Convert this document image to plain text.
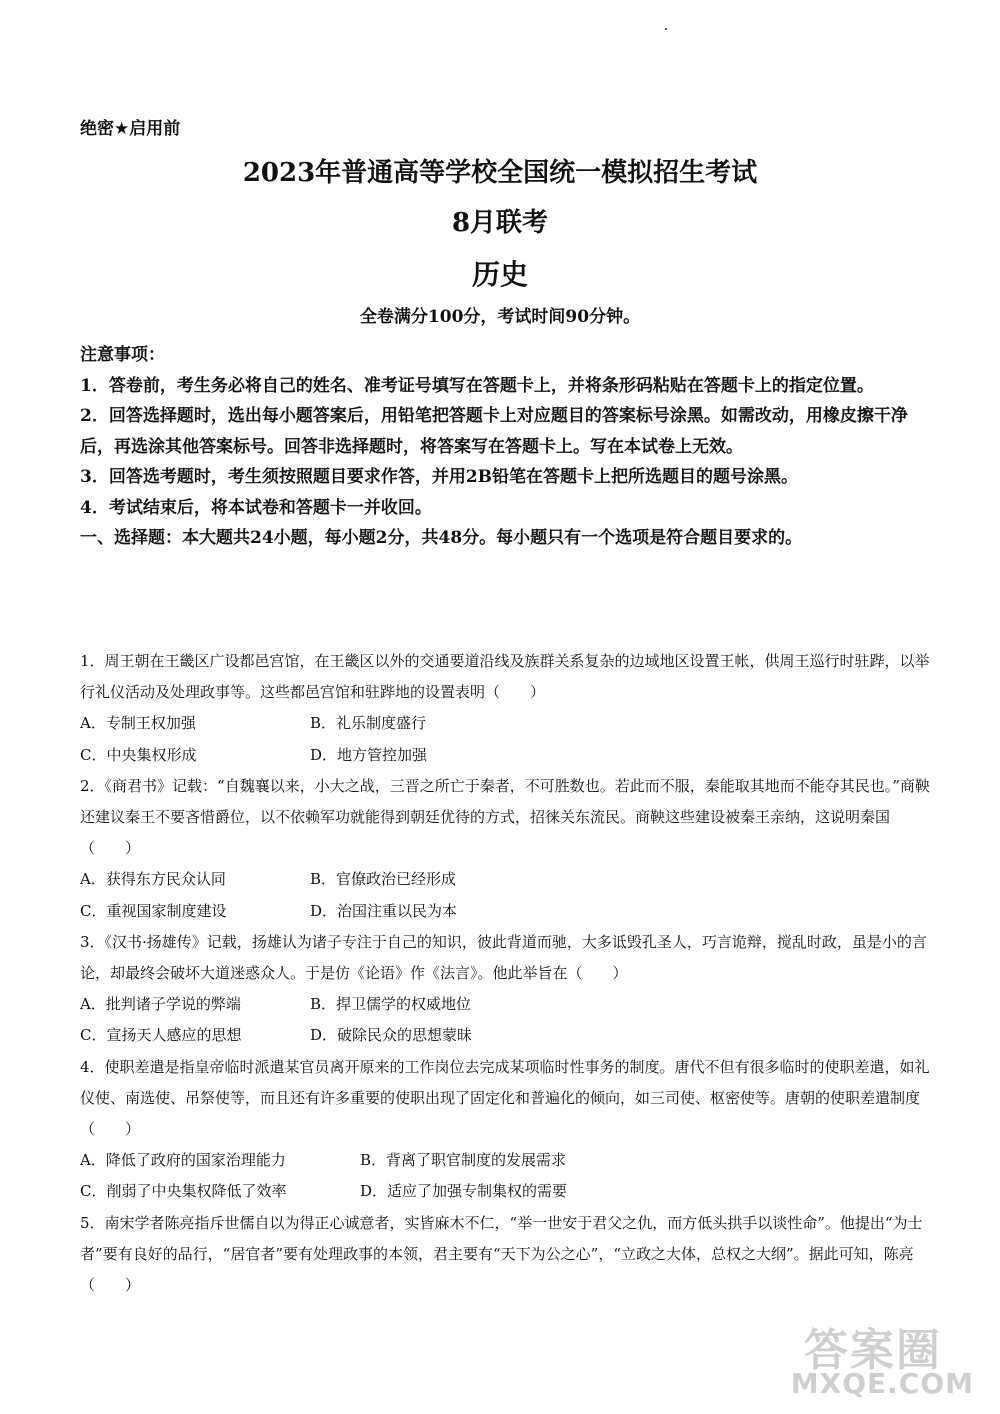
绝密★启用前
2023年普通高等学校全国统一模拟招生考试
8月联考
历史
全卷满分100分，考试时间90分钟。

注意事项：

1．答卷前，考生务必将自己的姓名、准考证号填写在答题卡上，并将条形码粘贴在答题卡上的指定位置。

2．回答选择题时，选出每小题答案后，用铅笔把答题卡上对应题目的答案标号涂黑。如需改动，用橡皮擦干净后，再选涂其他答案标号。回答非选择题时，将答案写在答题卡上。写在本试卷上无效。

3．回答选考题时，考生须按照题目要求作答，并用2B铅笔在答题卡上把所选题目的题号涂黑。

4．考试结束后，将本试卷和答题卡一并收回。

一、选择题：本大题共24小题，每小题2分，共48分。每小题只有一个选项是符合题目要求的。

1．周王朝在王畿区广设都邑宫馆，在王畿区以外的交通要道沿线及族群关系复杂的边域地区设置王帐，供周王巡行时驻跸，以举行礼仪活动及处理政事等。这些都邑宫馆和驻跸地的设置表明（　　）

A．专制王权加强	B．礼乐制度盛行
C．中央集权形成	D．地方管控加强

2．《商君书》记载：“自魏襄以来，小大之战，三晋之所亡于秦者，不可胜数也。若此而不服，秦能取其地而不能夺其民也。”商鞅还建议秦王不要吝惜爵位，以不依赖军功就能得到朝廷优待的方式，招徕关东流民。商鞅这些建设被秦王亲纳，这说明秦国（　　）

A．获得东方民众认同	B．官僚政治已经形成
C．重视国家制度建设	D．治国注重以民为本

3．《汉书·扬雄传》记载，扬雄认为诸子专注于自己的知识，彼此背道而驰，大多诋毁孔圣人，巧言诡辩，搅乱时政，虽是小的言论，却最终会破坏大道迷惑众人。于是仿《论语》作《法言》。他此举旨在（　　）

A．批判诸子学说的弊端	B．捍卫儒学的权威地位
C．宣扬天人感应的思想	D．破除民众的思想蒙昧

4．使职差遣是指皇帝临时派遣某官员离开原来的工作岗位去完成某项临时性事务的制度。唐代不但有很多临时的使职差遣，如礼仪使、南选使、吊祭使等，而且还有许多重要的使职出现了固定化和普遍化的倾向，如三司使、枢密使等。唐朝的使职差遣制度（　　）

A．降低了政府的国家治理能力	B．背离了职官制度的发展需求
C．削弱了中央集权降低了效率	D．适应了加强专制集权的需要

5．南宋学者陈亮指斥世儒自以为得正心诚意者，实皆麻木不仁，“举一世安于君父之仇，而方低头拱手以谈性命”。他提出“为士者”要有良好的品行，“居官者”要有处理政事的本领，君主要有“天下为公之心”，“立政之大体，总权之大纲”。据此可知，陈亮（　　）

答案圈
MXQE.COM
